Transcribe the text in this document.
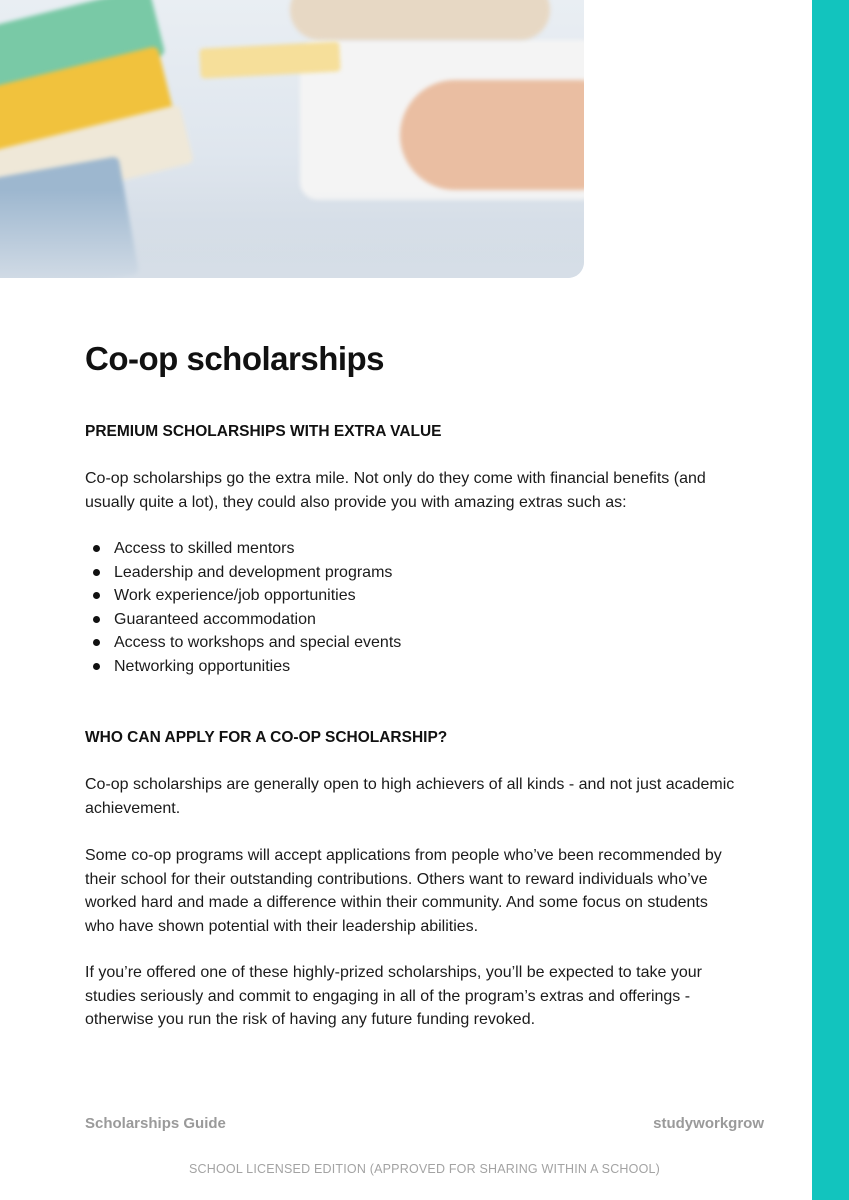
Co-op scholarships

PREMIUM SCHOLARSHIPS WITH EXTRA VALUE

Co-op scholarships go the extra mile. Not only do they come with financial benefits (and usually quite a lot), they could also provide you with amazing extras such as:

Access to skilled mentors
Leadership and development programs
Work experience/job opportunities
Guaranteed accommodation
Access to workshops and special events
Networking opportunities

WHO CAN APPLY FOR A CO-OP SCHOLARSHIP?

Co-op scholarships are generally open to high achievers of all kinds - and not just academic achievement.

Some co-op programs will accept applications from people who’ve been recommended by their school for their outstanding contributions. Others want to reward individuals who’ve worked hard and made a difference within their community. And some focus on students who have shown potential with their leadership abilities.

If you’re offered one of these highly-prized scholarships, you’ll be expected to take your studies seriously and commit to engaging in all of the program’s extras and offerings - otherwise you run the risk of having any future funding revoked.

Scholarships Guide	studyworkgrow
SCHOOL LICENSED EDITION (APPROVED FOR SHARING WITHIN A SCHOOL)
